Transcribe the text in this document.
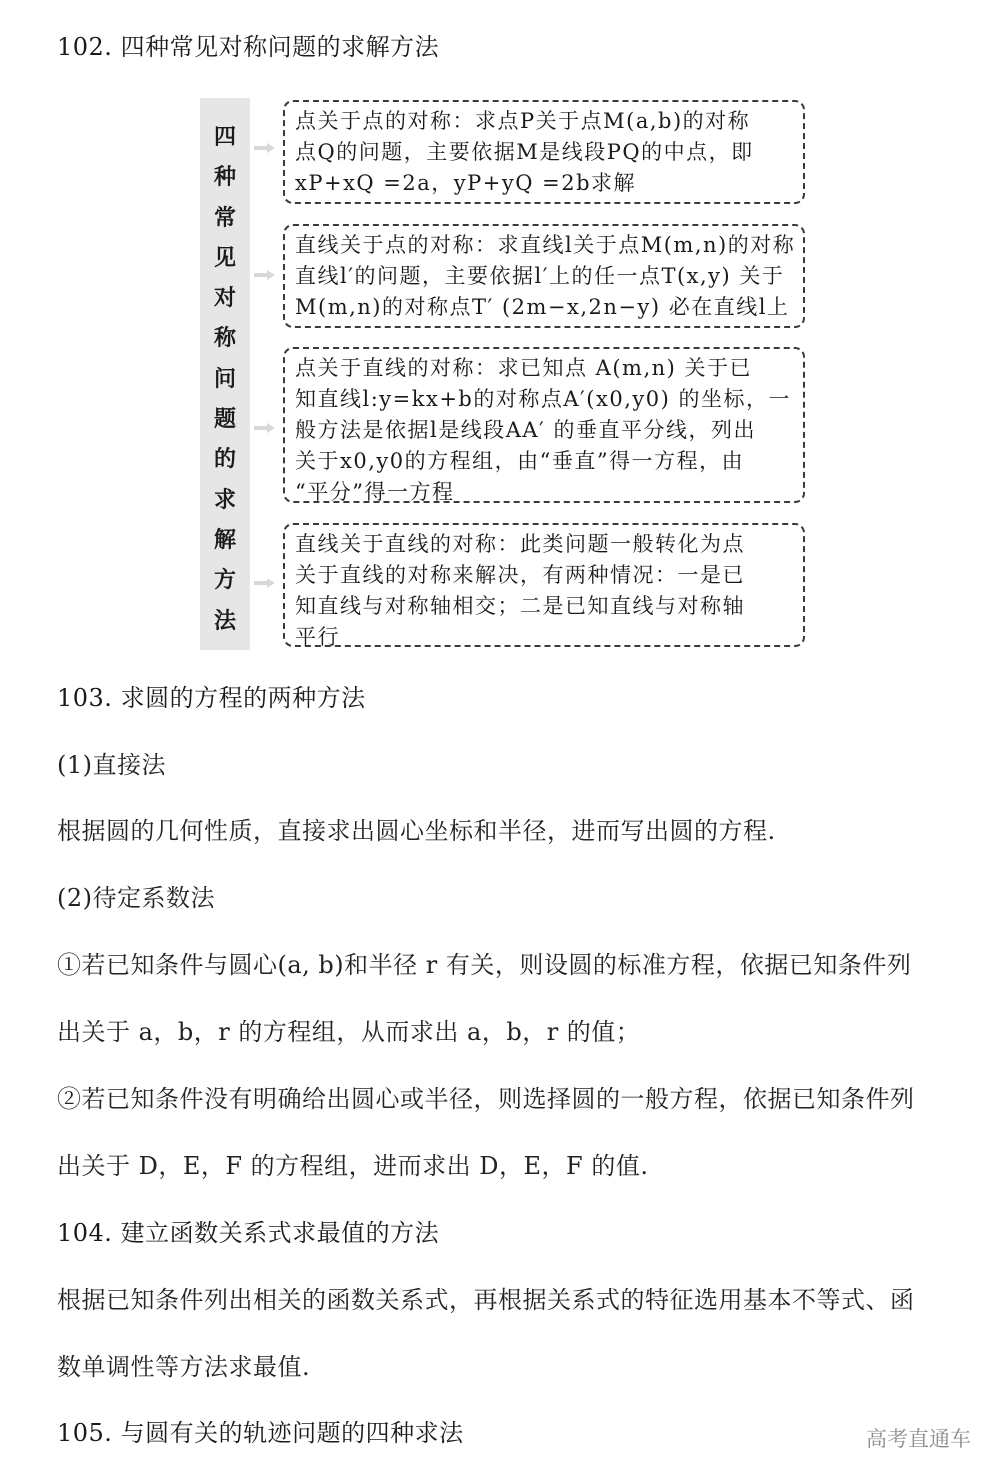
102. 四种常见对称问题的求解方法
四
种
常
见
对
称
问
题
的
求
解
方
法
点关于点的对称：求点P关于点M(a,b)的对称
点Q的问题，主要依据M是线段PQ的中点，即
xP+xQ =2a，yP+yQ =2b求解
直线关于点的对称：求直线l关于点M(m,n)的对称
直线l′的问题，主要依据l′上的任一点T(x,y) 关于
M(m,n)的对称点T′ (2m−x,2n−y) 必在直线l上
点关于直线的对称：求已知点 A(m,n) 关于已
知直线l:y=kx+b的对称点A′(x0,y0) 的坐标，一
般方法是依据l是线段AA′ 的垂直平分线，列出
关于x0,y0的方程组，由“垂直”得一方程，由
“平分”得一方程
直线关于直线的对称：此类问题一般转化为点
关于直线的对称来解决，有两种情况：一是已
知直线与对称轴相交；二是已知直线与对称轴
平行
103. 求圆的方程的两种方法
(1)直接法
根据圆的几何性质，直接求出圆心坐标和半径，进而写出圆的方程.
(2)待定系数法
①若已知条件与圆心(a, b)和半径 r 有关，则设圆的标准方程，依据已知条件列
出关于 a，b，r 的方程组，从而求出 a，b，r 的值；
②若已知条件没有明确给出圆心或半径，则选择圆的一般方程，依据已知条件列
出关于 D，E，F 的方程组，进而求出 D，E，F 的值.
104. 建立函数关系式求最值的方法
根据已知条件列出相关的函数关系式，再根据关系式的特征选用基本不等式、函
数单调性等方法求最值.
105. 与圆有关的轨迹问题的四种求法	高考直通车
